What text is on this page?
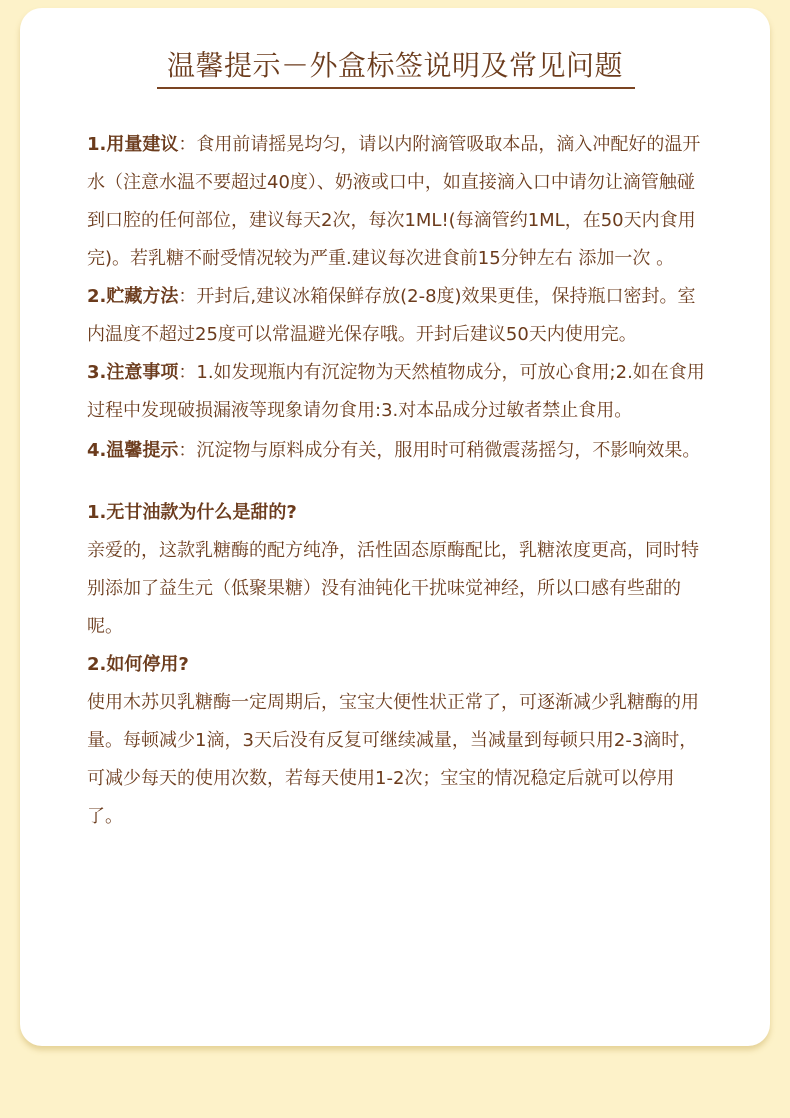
温馨提示－外盒标签说明及常见问题

1.用量建议：食用前请摇晃均匀，请以内附滴管吸取本品，滴入冲配好的温开水（注意水温不要超过40度）、奶液或口中，如直接滴入口中请勿让滴管触碰到口腔的任何部位，建议每天2次，每次1ML!(每滴管约1ML，在50天内食用完)。若乳糖不耐受情况较为严重.建议每次进食前15分钟左右 添加一次 。

2.贮藏方法：开封后,建议冰箱保鲜存放(2-8度)效果更佳，保持瓶口密封。室内温度不超过25度可以常温避光保存哦。开封后建议50天内使用完。

3.注意事项：1.如发现瓶内有沉淀物为天然植物成分，可放心食用;2.如在食用过程中发现破损漏液等现象请勿食用:3.对本品成分过敏者禁止食用。

4.温馨提示：沉淀物与原料成分有关，服用时可稍微震荡摇匀，不影响效果。

1.无甘油款为什么是甜的?

亲爱的，这款乳糖酶的配方纯净，活性固态原酶配比，乳糖浓度更高，同时特别添加了益生元（低聚果糖）没有油钝化干扰味觉神经，所以口感有些甜的呢。

2.如何停用?

使用木苏贝乳糖酶一定周期后，宝宝大便性状正常了，可逐渐减少乳糖酶的用量。每顿减少1滴，3天后没有反复可继续减量，当减量到每顿只用2-3滴时，可减少每天的使用次数，若每天使用1-2次；宝宝的情况稳定后就可以停用了。
